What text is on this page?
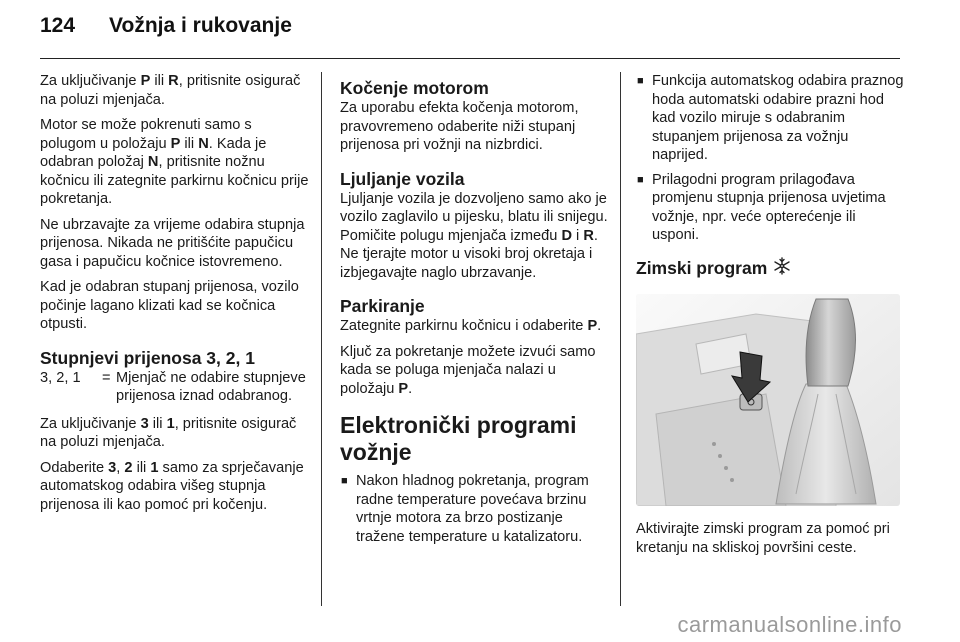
124 Vožnja i rukovanje

Za uključivanje P ili R, pritisnite osigurač na poluzi mjenjača.

Motor se može pokrenuti samo s polugom u položaju P ili N. Kada je odabran položaj N, pritisnite nožnu kočnicu ili zategnite parkirnu kočnicu prije pokretanja.

Ne ubrzavajte za vrijeme odabira stupnja prijenosa. Nikada ne pritišćite papučicu gasa i papučicu kočnice istovremeno.

Kad je odabran stupanj prijenosa, vozilo počinje lagano klizati kad se kočnica otpusti.

Stupnjevi prijenosa 3, 2, 1
3, 2, 1	= Mjenjač ne odabire stupnjeve prijenosa iznad odabranog.

Za uključivanje 3 ili 1, pritisnite osigurač na poluzi mjenjača.

Odaberite 3, 2 ili 1 samo za sprječavanje automatskog odabira višeg stupnja prijenosa ili kao pomoć pri kočenju.

Kočenje motorom

Za uporabu efekta kočenja motorom, pravovremeno odaberite niži stupanj prijenosa pri vožnji na nizbrdici.

Ljuljanje vozila

Ljuljanje vozila je dozvoljeno samo ako je vozilo zaglavilo u pijesku, blatu ili snijegu. Pomičite polugu mjenjača između D i R. Ne tjerajte motor u visoki broj okretaja i izbjegavajte naglo ubrzavanje.

Parkiranje

Zategnite parkirnu kočnicu i odaberite P.

Ključ za pokretanje možete izvući samo kada se poluga mjenjača nalazi u položaju P.

Elektronički programi vožnje
■ Nakon hladnog pokretanja, program radne temperature povećava brzinu vrtnje motora za brzo postizanje tražene temperature u katalizatoru.
■ Funkcija automatskog odabira praznog hoda automatski odabire prazni hod kad vozilo miruje s odabranim stupanjem prijenosa za vožnju naprijed.
■ Prilagodni program prilagođava promjenu stupnja prijenosa uvjetima vožnje, npr. veće opterećenje ili usponi.
Zimski program

Aktivirajte zimski program za pomoć pri kretanju na skliskoj površini ceste.

carmanualsonline.info
